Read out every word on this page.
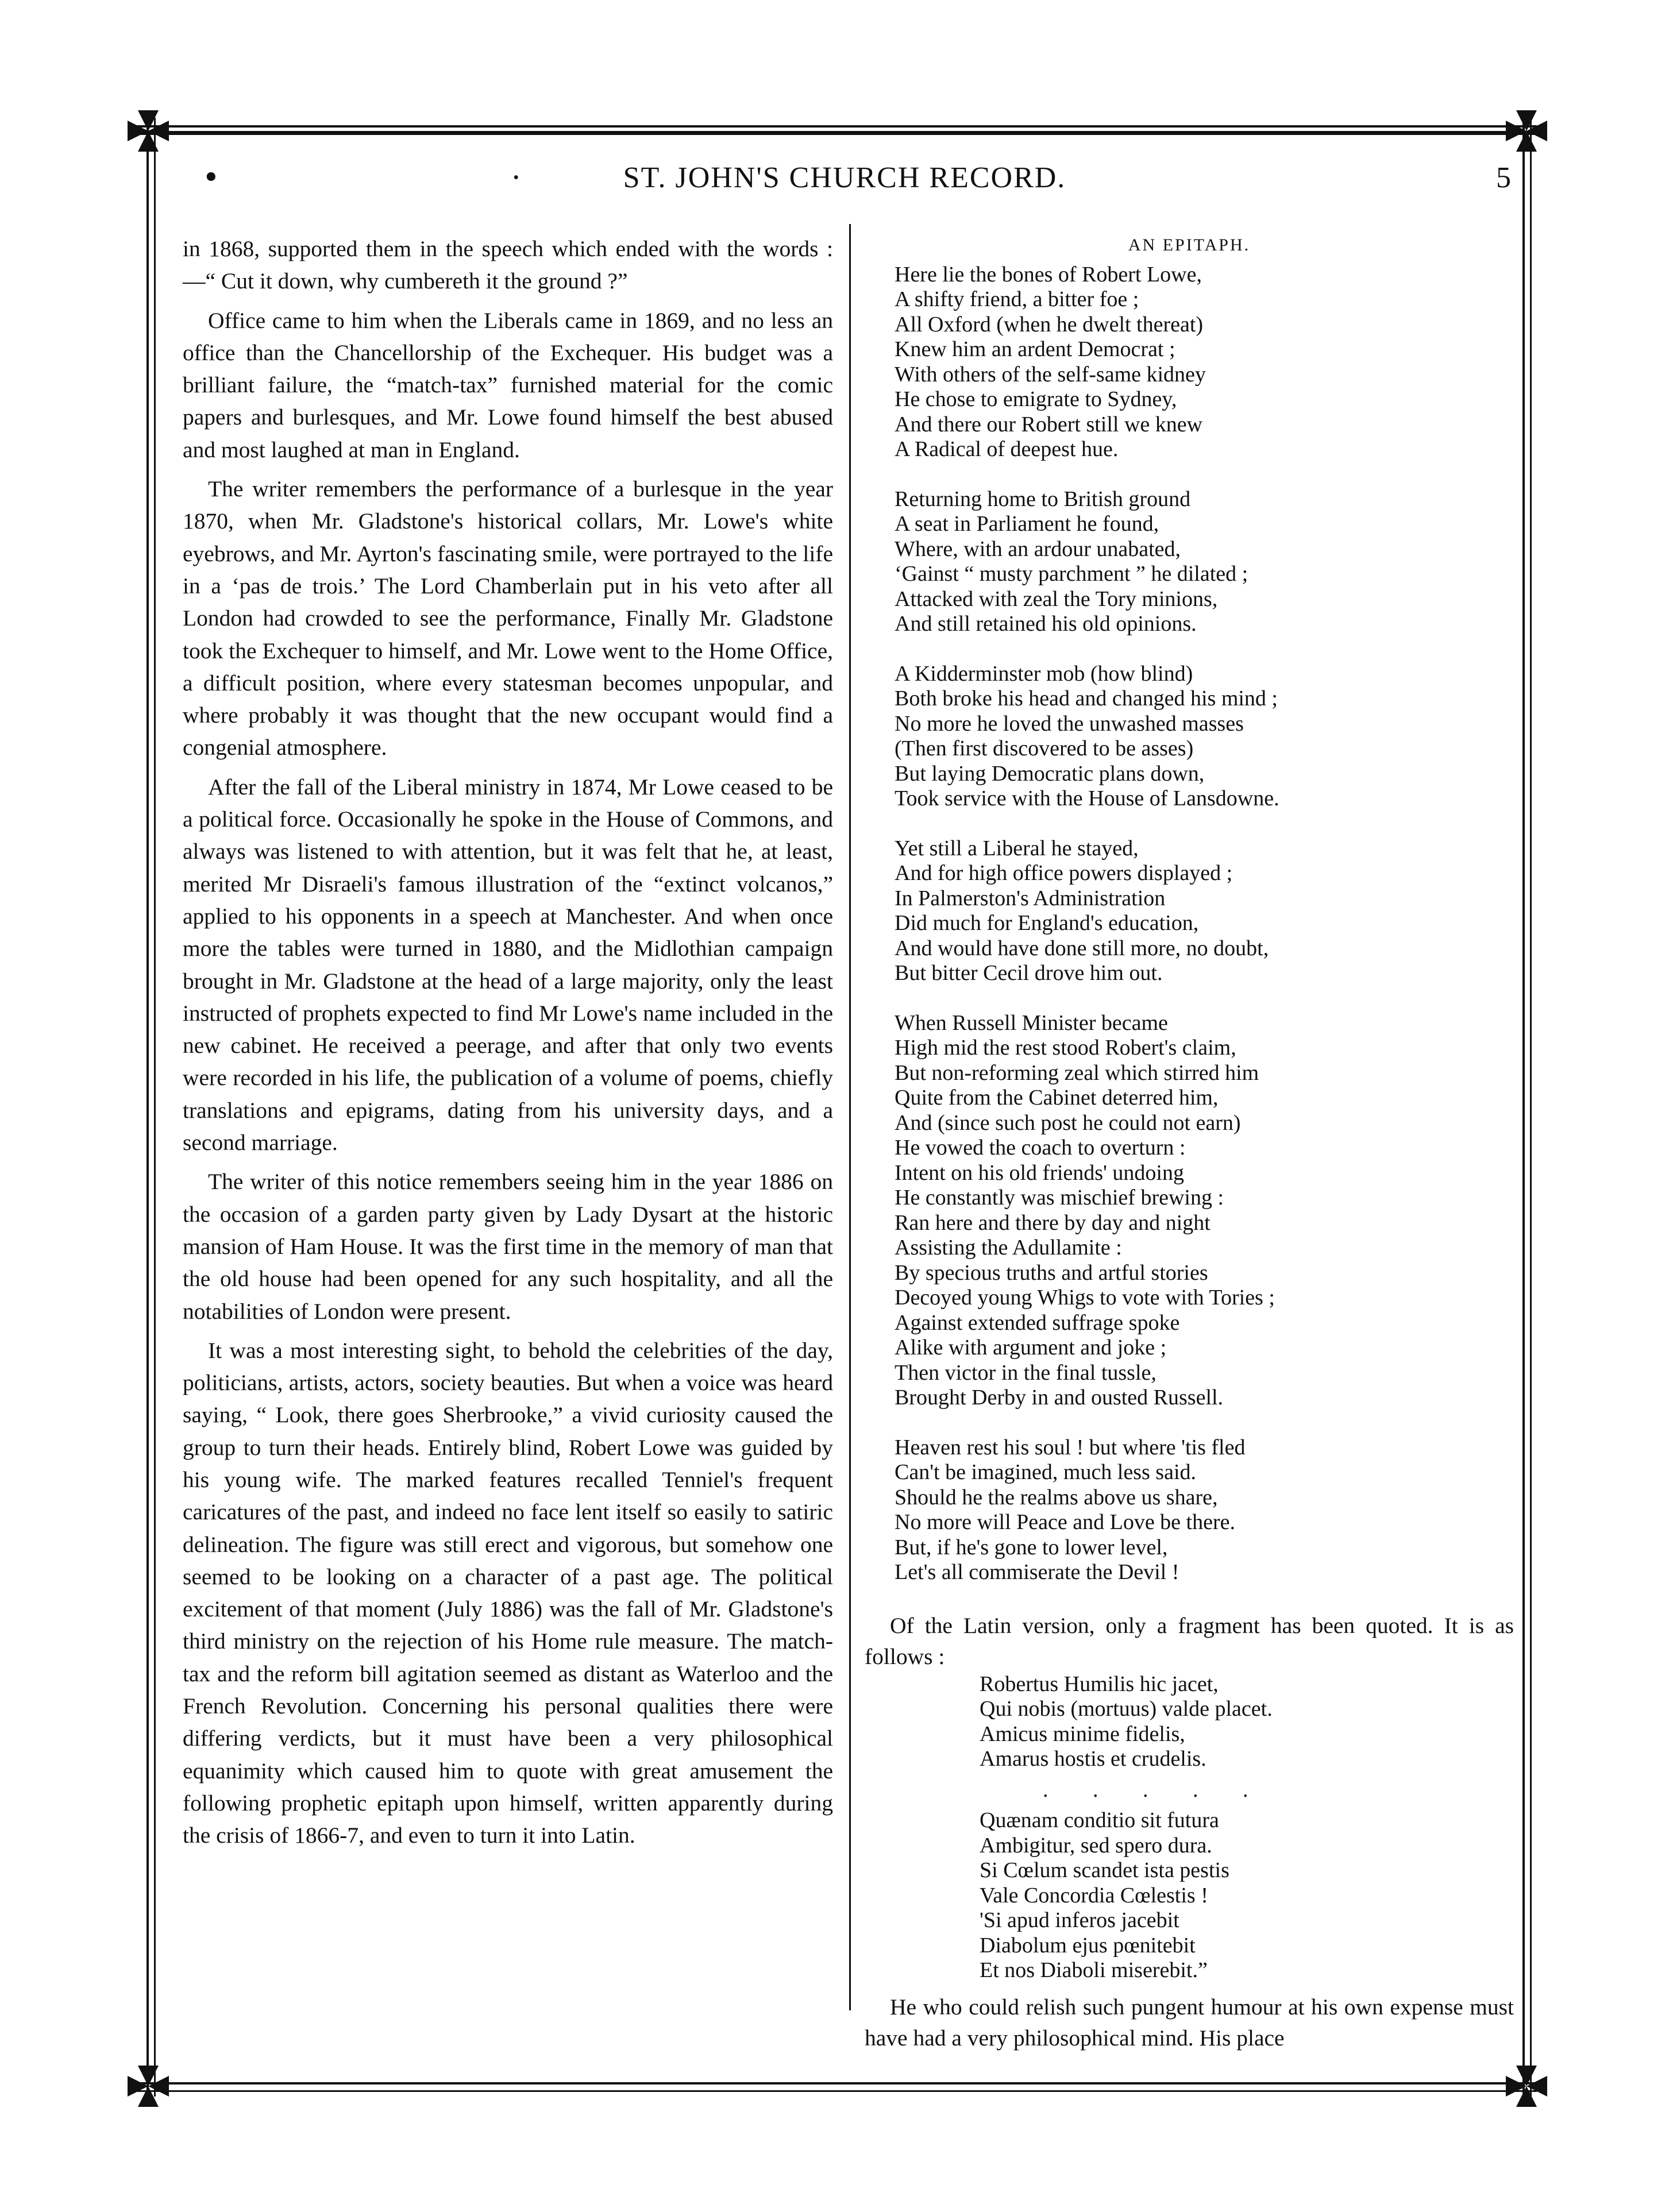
•	·	ST. JOHN'S CHURCH RECORD.	5

in 1868, supported them in the speech which ended with the words :—“ Cut it down, why cumbereth it the ground ?”

Office came to him when the Liberals came in 1869, and no less an office than the Chancellorship of the Exchequer. His budget was a brilliant failure, the “match-tax” furnished material for the comic papers and burlesques, and Mr. Lowe found himself the best abused and most laughed at man in England.

The writer remembers the performance of a burlesque in the year 1870, when Mr. Gladstone's historical collars, Mr. Lowe's white eyebrows, and Mr. Ayrton's fascinating smile, were portrayed to the life in a ‘pas de trois.’ The Lord Chamberlain put in his veto after all London had crowded to see the performance, Finally Mr. Gladstone took the Exchequer to himself, and Mr. Lowe went to the Home Office, a difficult position, where every statesman becomes unpopular, and where probably it was thought that the new occupant would find a congenial atmosphere.

After the fall of the Liberal ministry in 1874, Mr Lowe ceased to be a political force. Occasionally he spoke in the House of Commons, and always was listened to with attention, but it was felt that he, at least, merited Mr Disraeli's famous illustration of the “extinct volcanos,” applied to his opponents in a speech at Manchester. And when once more the tables were turned in 1880, and the Midlothian campaign brought in Mr. Gladstone at the head of a large majority, only the least instructed of prophets expected to find Mr Lowe's name included in the new cabinet. He received a peerage, and after that only two events were recorded in his life, the publication of a volume of poems, chiefly translations and epigrams, dating from his university days, and a second marriage.

The writer of this notice remembers seeing him in the year 1886 on the occasion of a garden party given by Lady Dysart at the historic mansion of Ham House. It was the first time in the memory of man that the old house had been opened for any such hospitality, and all the notabilities of London were present.

It was a most interesting sight, to behold the celebrities of the day, politicians, artists, actors, society beauties. But when a voice was heard saying, “ Look, there goes Sherbrooke,” a vivid curiosity caused the group to turn their heads. Entirely blind, Robert Lowe was guided by his young wife. The marked features recalled Tenniel's frequent caricatures of the past, and indeed no face lent itself so easily to satiric delineation. The figure was still erect and vigorous, but somehow one seemed to be looking on a character of a past age. The political excitement of that moment (July 1886) was the fall of Mr. Gladstone's third ministry on the rejection of his Home rule measure. The match-tax and the reform bill agitation seemed as distant as Waterloo and the French Revolution. Concerning his personal qualities there were differing verdicts, but it must have been a very philosophical equanimity which caused him to quote with great amusement the following prophetic epitaph upon himself, written apparently during the crisis of 1866-7, and even to turn it into Latin.

AN EPITAPH.
Here lie the bones of Robert Lowe,
A shifty friend, a bitter foe ;
All Oxford (when he dwelt thereat)
Knew him an ardent Democrat ;
With others of the self-same kidney
He chose to emigrate to Sydney,
And there our Robert still we knew
A Radical of deepest hue.
Returning home to British ground
A seat in Parliament he found,
Where, with an ardour unabated,
‘Gainst “ musty parchment ” he dilated ;
Attacked with zeal the Tory minions,
And still retained his old opinions.
A Kidderminster mob (how blind)
Both broke his head and changed his mind ;
No more he loved the unwashed masses
(Then first discovered to be asses)
But laying Democratic plans down,
Took service with the House of Lansdowne.
Yet still a Liberal he stayed,
And for high office powers displayed ;
In Palmerston's Administration
Did much for England's education,
And would have done still more, no doubt,
But bitter Cecil drove him out.
When Russell Minister became
High mid the rest stood Robert's claim,
But non-reforming zeal which stirred him
Quite from the Cabinet deterred him,
And (since such post he could not earn)
He vowed the coach to overturn :
Intent on his old friends' undoing
He constantly was mischief brewing :
Ran here and there by day and night
Assisting the Adullamite :
By specious truths and artful stories
Decoyed young Whigs to vote with Tories ;
Against extended suffrage spoke
Alike with argument and joke ;
Then victor in the final tussle,
Brought Derby in and ousted Russell.
Heaven rest his soul ! but where 'tis fled
Can't be imagined, much less said.
Should he the realms above us share,
No more will Peace and Love be there.
But, if he's gone to lower level,
Let's all commiserate the Devil !

Of the Latin version, only a fragment has been quoted. It is as follows :

Robertus Humilis hic jacet,
Qui nobis (mortuus) valde placet.
Amicus minime fidelis,
Amarus hostis et crudelis.
. . . . .
Quænam conditio sit futura
Ambigitur, sed spero dura.
Si Cœlum scandet ista pestis
Vale Concordia Cœlestis !
'Si apud inferos jacebit
Diabolum ejus pœnitebit
Et nos Diaboli miserebit.”

He who could relish such pungent humour at his own expense must have had a very philosophical mind. His place
